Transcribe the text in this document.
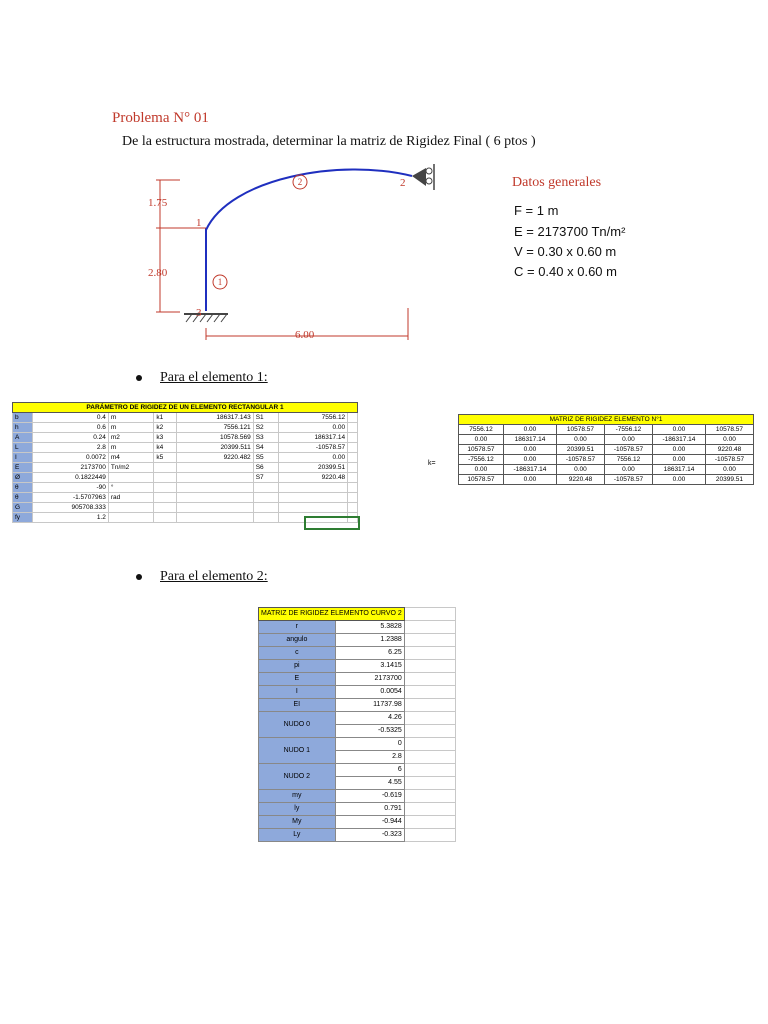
Problema N° 01
De la estructura mostrada, determinar la matriz de Rigidez Final ( 6 ptos )
2
1
1
2
3
1.75
2.80
6.00
Datos generales
F = 1 m
E = 2173700 Tn/m²
V = 0.30 x 0.60 m
C = 0.40 x 0.60 m
Para el elemento 1:
PARÁMETRO DE RIGIDEZ DE UN ELEMENTO RECTANGULAR 1							
b	0.4	m	k1	186317.143	S1	7556.12	
h	0.6	m	k2	7556.121	S2	0.00	
A	0.24	m2	k3	10578.569	S3	186317.14	
L	2.8	m	k4	20399.511	S4	-10578.57	
I	0.0072	m4	k5	9220.482	S5	0.00	
E	2173700	Tn/m2			S6	20399.51	
Ø	0.1822449				S7	9220.48	
θ	-90	°					
θ	-1.5707963	rad					
G	905708.333						
fy	1.2						
k=
MATRIZ DE RIGIDEZ ELEMENTO N°1					
7556.12	0.00	10578.57	-7556.12	0.00	10578.57
0.00	186317.14	0.00	0.00	-186317.14	0.00
10578.57	0.00	20399.51	-10578.57	0.00	9220.48
-7556.12	0.00	-10578.57	7556.12	0.00	-10578.57
0.00	-186317.14	0.00	0.00	186317.14	0.00
10578.57	0.00	9220.48	-10578.57	0.00	20399.51
Para el elemento 2:
MATRIZ DE RIGIDEZ ELEMENTO CURVO 2		
r	5.3828	
angulo	1.2388	
c	6.25	
pi	3.1415	
E	2173700	
I	0.0054	
EI	11737.98	
NUDO 0	4.26	
	-0.5325	
NUDO 1	0	
	2.8	
NUDO 2	6	
	4.55	
my	-0.619	
ly	0.791	
My	-0.944	
Ly	-0.323	
